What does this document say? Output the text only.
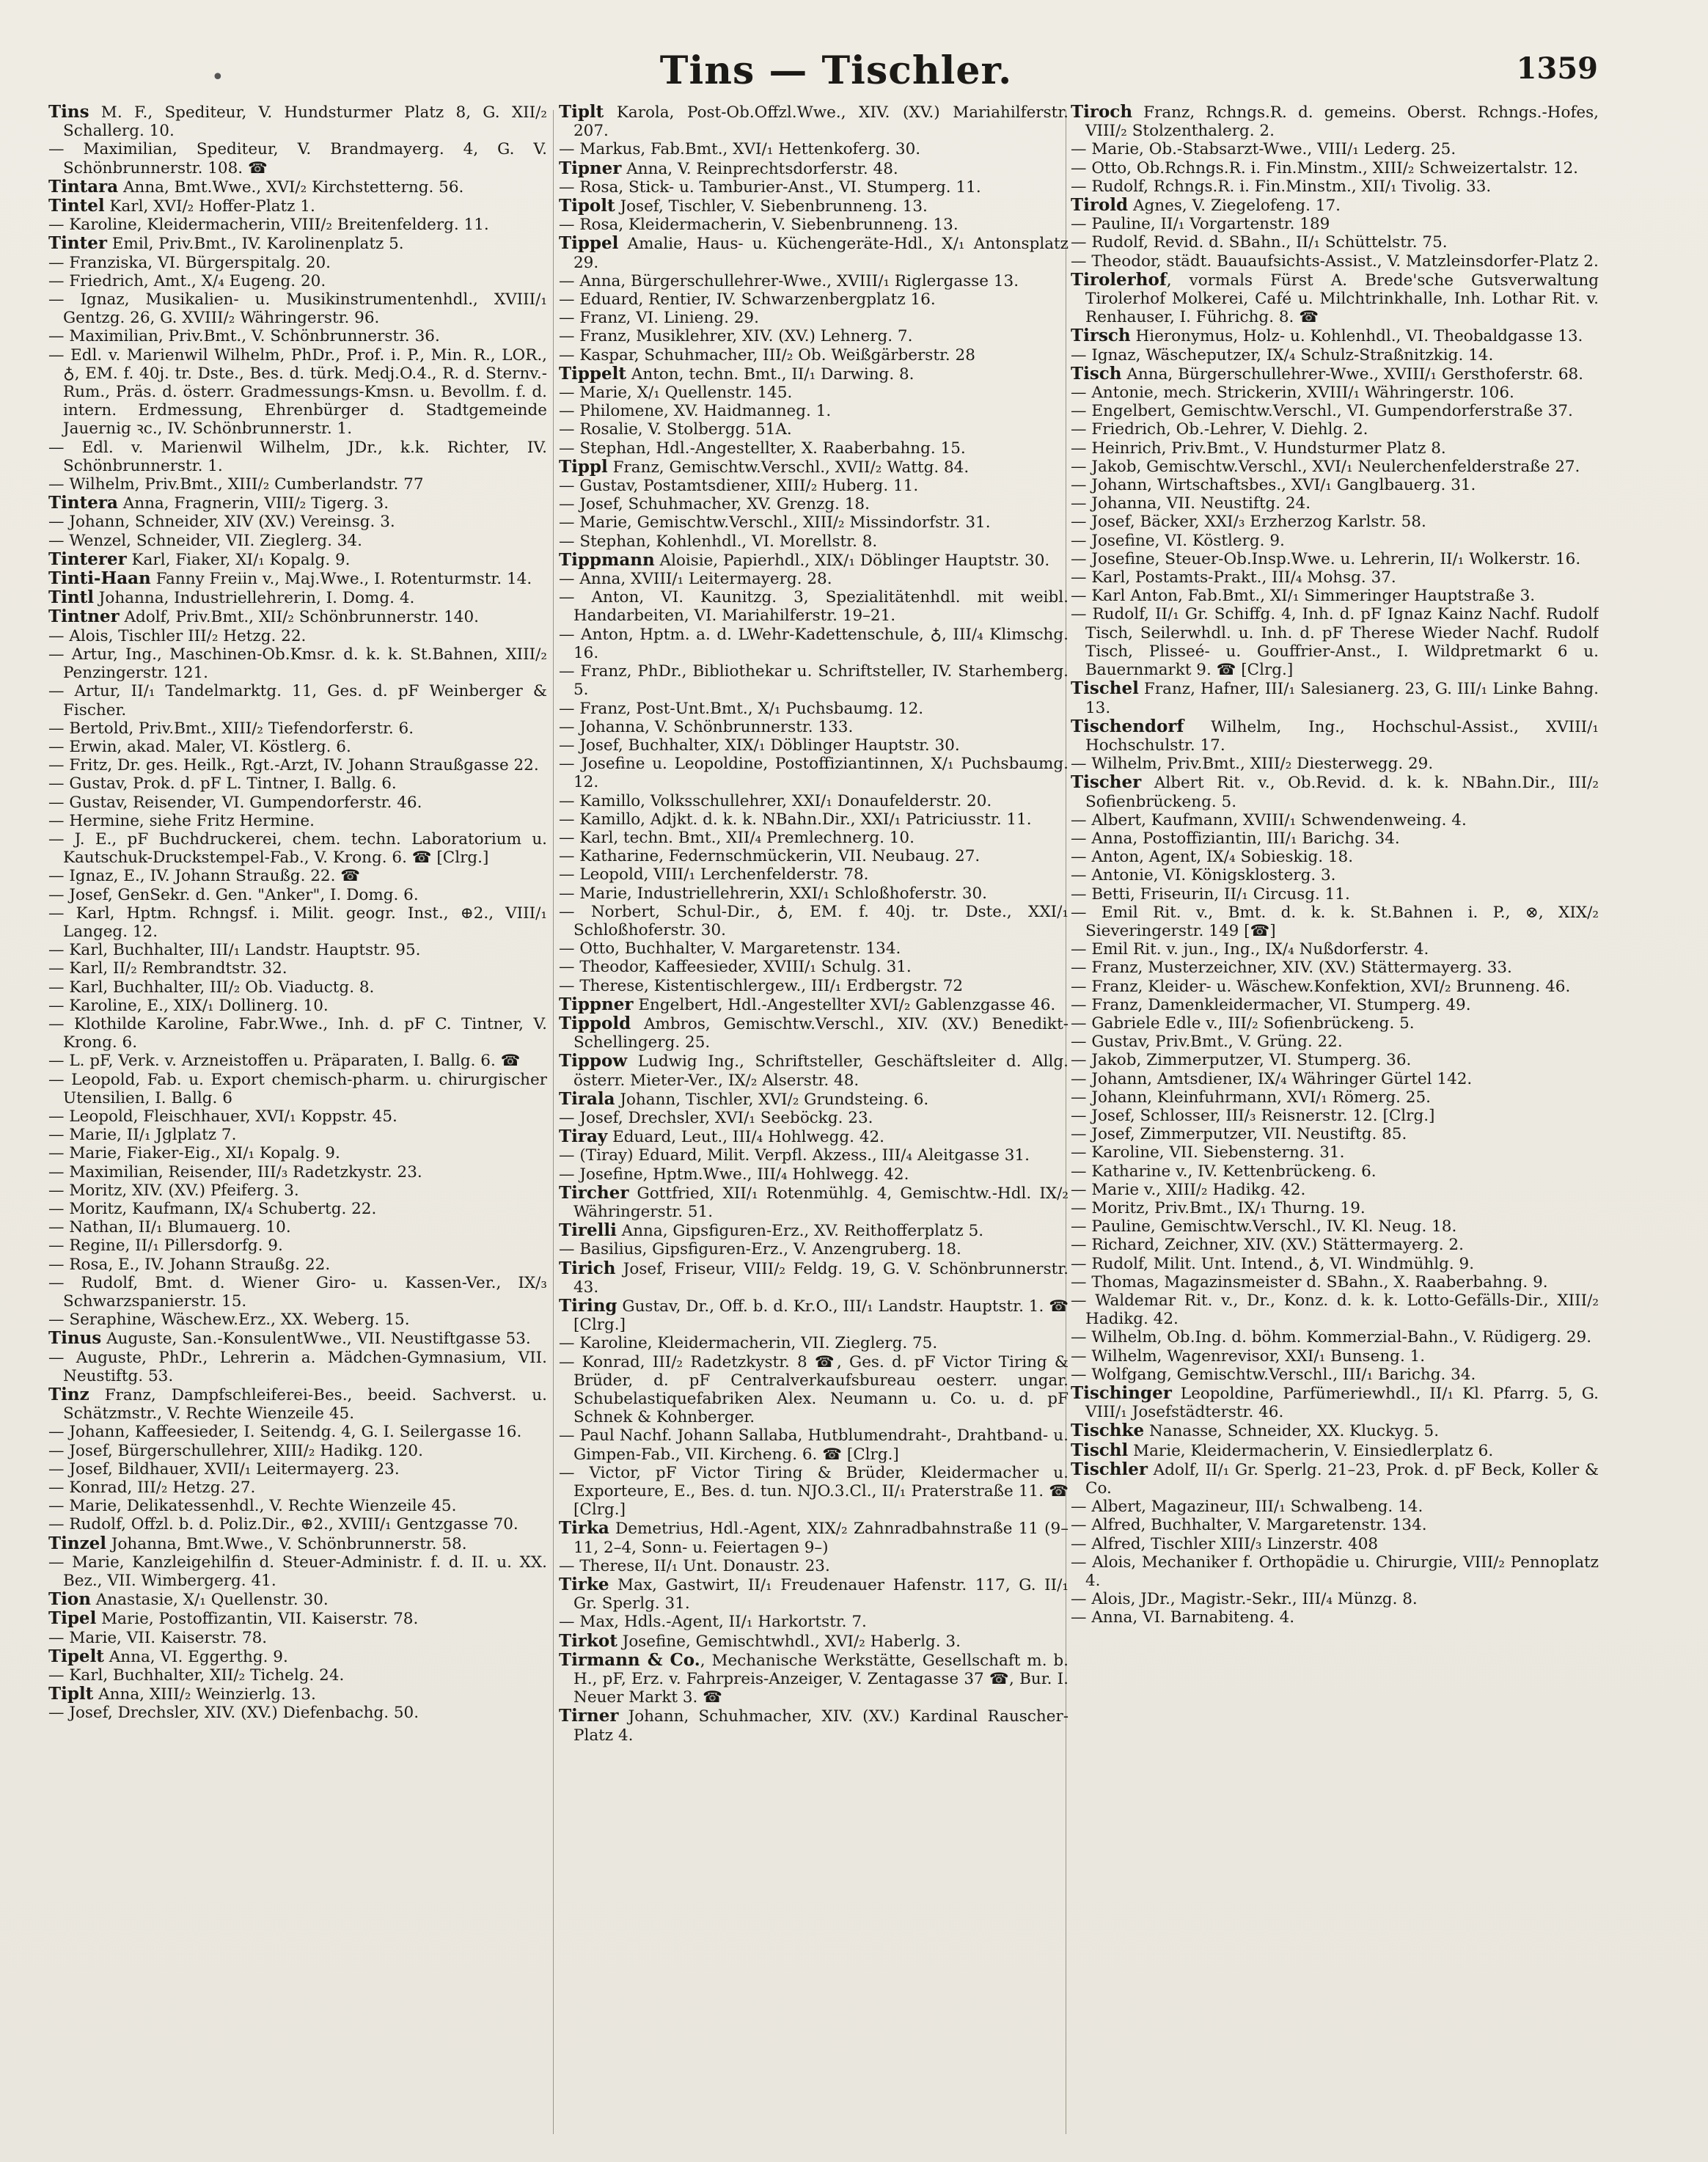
•	Tins — Tischler.	1359
Tins M. F., Spediteur, V. Hundsturmer Platz 8, G. XII/₂ Schallerg. 10.
— Maximilian, Spediteur, V. Brandmayerg. 4, G. V. Schönbrunnerstr. 108. ☎
Tintara Anna, Bmt.Wwe., XVI/₂ Kirchstetterng. 56.
Tintel Karl, XVI/₂ Hoffer-Platz 1.
— Karoline, Kleidermacherin, VIII/₂ Breitenfelderg. 11.
Tinter Emil, Priv.Bmt., IV. Karolinenplatz 5.
— Franziska, VI. Bürgerspitalg. 20.
— Friedrich, Amt., X/₄ Eugeng. 20.
— Ignaz, Musikalien- u. Musikinstrumentenhdl., XVIII/₁ Gentzg. 26, G. XVIII/₂ Währingerstr. 96.
— Maximilian, Priv.Bmt., V. Schönbrunnerstr. 36.
— Edl. v. Marienwil Wilhelm, PhDr., Prof. i. P., Min. R., LOR., ♁, EM. f. 40j. tr. Dste., Bes. d. türk. Medj.O.4., R. d. Sternv.-Rum., Präs. d. österr. Gradmessungs-Kmsn. u. Bevollm. f. d. intern. Erdmessung, Ehrenbürger d. Stadtgemeinde Jauernig ꝛc., IV. Schönbrunnerstr. 1.
— Edl. v. Marienwil Wilhelm, JDr., k.k. Richter, IV. Schönbrunnerstr. 1.
— Wilhelm, Priv.Bmt., XIII/₂ Cumberlandstr. 77
Tintera Anna, Fragnerin, VIII/₂ Tigerg. 3.
— Johann, Schneider, XIV (XV.) Vereinsg. 3.
— Wenzel, Schneider, VII. Zieglerg. 34.
Tinterer Karl, Fiaker, XI/₁ Kopalg. 9.
Tinti-Haan Fanny Freiin v., Maj.Wwe., I. Rotenturmstr. 14.
Tintl Johanna, Industriellehrerin, I. Domg. 4.
Tintner Adolf, Priv.Bmt., XII/₂ Schönbrunnerstr. 140.
— Alois, Tischler III/₂ Hetzg. 22.
— Artur, Ing., Maschinen-Ob.Kmsr. d. k. k. St.Bahnen, XIII/₂ Penzingerstr. 121.
— Artur, II/₁ Tandelmarktg. 11, Ges. d. pF Weinberger & Fischer.
— Bertold, Priv.Bmt., XIII/₂ Tiefendorferstr. 6.
— Erwin, akad. Maler, VI. Köstlerg. 6.
— Fritz, Dr. ges. Heilk., Rgt.-Arzt, IV. Johann Straußgasse 22.
— Gustav, Prok. d. pF L. Tintner, I. Ballg. 6.
— Gustav, Reisender, VI. Gumpendorferstr. 46.
— Hermine, siehe Fritz Hermine.
— J. E., pF Buchdruckerei, chem. techn. Laboratorium u. Kautschuk-Druckstempel-Fab., V. Krong. 6. ☎ [Clrg.]
— Ignaz, E., IV. Johann Straußg. 22. ☎
— Josef, GenSekr. d. Gen. "Anker", I. Domg. 6.
— Karl, Hptm. Rchngsf. i. Milit. geogr. Inst., ⊕2., VIII/₁ Langeg. 12.
— Karl, Buchhalter, III/₁ Landstr. Hauptstr. 95.
— Karl, II/₂ Rembrandtstr. 32.
— Karl, Buchhalter, III/₂ Ob. Viaductg. 8.
— Karoline, E., XIX/₁ Dollinerg. 10.
— Klothilde Karoline, Fabr.Wwe., Inh. d. pF C. Tintner, V. Krong. 6.
— L. pF, Verk. v. Arzneistoffen u. Präparaten, I. Ballg. 6. ☎
— Leopold, Fab. u. Export chemisch-pharm. u. chirurgischer Utensilien, I. Ballg. 6
— Leopold, Fleischhauer, XVI/₁ Koppstr. 45.
— Marie, II/₁ Jglplatz 7.
— Marie, Fiaker-Eig., XI/₁ Kopalg. 9.
— Maximilian, Reisender, III/₃ Radetzkystr. 23.
— Moritz, XIV. (XV.) Pfeiferg. 3.
— Moritz, Kaufmann, IX/₄ Schubertg. 22.
— Nathan, II/₁ Blumauerg. 10.
— Regine, II/₁ Pillersdorfg. 9.
— Rosa, E., IV. Johann Straußg. 22.
— Rudolf, Bmt. d. Wiener Giro- u. Kassen-Ver., IX/₃ Schwarzspanierstr. 15.
— Seraphine, Wäschew.Erz., XX. Weberg. 15.
Tinus Auguste, San.-KonsulentWwe., VII. Neustiftgasse 53.
— Auguste, PhDr., Lehrerin a. Mädchen-Gymnasium, VII. Neustiftg. 53.
Tinz Franz, Dampfschleiferei-Bes., beeid. Sachverst. u. Schätzmstr., V. Rechte Wienzeile 45.
— Johann, Kaffeesieder, I. Seitendg. 4, G. I. Seilergasse 16.
— Josef, Bürgerschullehrer, XIII/₂ Hadikg. 120.
— Josef, Bildhauer, XVII/₁ Leitermayerg. 23.
— Konrad, III/₂ Hetzg. 27.
— Marie, Delikatessenhdl., V. Rechte Wienzeile 45.
— Rudolf, Offzl. b. d. Poliz.Dir., ⊕2., XVIII/₁ Gentzgasse 70.
Tinzel Johanna, Bmt.Wwe., V. Schönbrunnerstr. 58.
— Marie, Kanzleigehilfin d. Steuer-Administr. f. d. II. u. XX. Bez., VII. Wimbergerg. 41.
Tion Anastasie, X/₁ Quellenstr. 30.
Tipel Marie, Postoffizantin, VII. Kaiserstr. 78.
— Marie, VII. Kaiserstr. 78.
Tipelt Anna, VI. Eggerthg. 9.
— Karl, Buchhalter, XII/₂ Tichelg. 24.
Tiplt Anna, XIII/₂ Weinzierlg. 13.
— Josef, Drechsler, XIV. (XV.) Diefenbachg. 50.
Tiplt Karola, Post-Ob.Offzl.Wwe., XIV. (XV.) Mariahilferstr. 207.
— Markus, Fab.Bmt., XVI/₁ Hettenkoferg. 30.
Tipner Anna, V. Reinprechtsdorferstr. 48.
— Rosa, Stick- u. Tamburier-Anst., VI. Stumperg. 11.
Tipolt Josef, Tischler, V. Siebenbrunneng. 13.
— Rosa, Kleidermacherin, V. Siebenbrunneng. 13.
Tippel Amalie, Haus- u. Küchengeräte-Hdl., X/₁ Antonsplatz 29.
— Anna, Bürgerschullehrer-Wwe., XVIII/₁ Riglergasse 13.
— Eduard, Rentier, IV. Schwarzenbergplatz 16.
— Franz, VI. Linieng. 29.
— Franz, Musiklehrer, XIV. (XV.) Lehnerg. 7.
— Kaspar, Schuhmacher, III/₂ Ob. Weißgärberstr. 28
Tippelt Anton, techn. Bmt., II/₁ Darwing. 8.
— Marie, X/₁ Quellenstr. 145.
— Philomene, XV. Haidmanneg. 1.
— Rosalie, V. Stolbergg. 51A.
— Stephan, Hdl.-Angestellter, X. Raaberbahng. 15.
Tippl Franz, Gemischtw.Verschl., XVII/₂ Wattg. 84.
— Gustav, Postamtsdiener, XIII/₂ Huberg. 11.
— Josef, Schuhmacher, XV. Grenzg. 18.
— Marie, Gemischtw.Verschl., XIII/₂ Missindorfstr. 31.
— Stephan, Kohlenhdl., VI. Morellstr. 8.
Tippmann Aloisie, Papierhdl., XIX/₁ Döblinger Hauptstr. 30.
— Anna, XVIII/₁ Leitermayerg. 28.
— Anton, VI. Kaunitzg. 3, Spezialitätenhdl. mit weibl. Handarbeiten, VI. Mariahilferstr. 19–21.
— Anton, Hptm. a. d. LWehr-Kadettenschule, ♁, III/₄ Klimschg. 16.
— Franz, PhDr., Bibliothekar u. Schriftsteller, IV. Starhemberg. 5.
— Franz, Post-Unt.Bmt., X/₁ Puchsbaumg. 12.
— Johanna, V. Schönbrunnerstr. 133.
— Josef, Buchhalter, XIX/₁ Döblinger Hauptstr. 30.
— Josefine u. Leopoldine, Postoffiziantinnen, X/₁ Puchsbaumg. 12.
— Kamillo, Volksschullehrer, XXI/₁ Donaufelderstr. 20.
— Kamillo, Adjkt. d. k. k. NBahn.Dir., XXI/₁ Patriciusstr. 11.
— Karl, techn. Bmt., XII/₄ Premlechnerg. 10.
— Katharine, Federnschmückerin, VII. Neubaug. 27.
— Leopold, VIII/₁ Lerchenfelderstr. 78.
— Marie, Industriellehrerin, XXI/₁ Schloßhoferstr. 30.
— Norbert, Schul-Dir., ♁, EM. f. 40j. tr. Dste., XXI/₁ Schloßhoferstr. 30.
— Otto, Buchhalter, V. Margaretenstr. 134.
— Theodor, Kaffeesieder, XVIII/₁ Schulg. 31.
— Therese, Kistentischlergew., III/₁ Erdbergstr. 72
Tippner Engelbert, Hdl.-Angestellter XVI/₂ Gablenzgasse 46.
Tippold Ambros, Gemischtw.Verschl., XIV. (XV.) Benedikt-Schellingerg. 25.
Tippow Ludwig Ing., Schriftsteller, Geschäftsleiter d. Allg. österr. Mieter-Ver., IX/₂ Alserstr. 48.
Tirala Johann, Tischler, XVI/₂ Grundsteing. 6.
— Josef, Drechsler, XVI/₁ Seeböckg. 23.
Tiray Eduard, Leut., III/₄ Hohlwegg. 42.
— (Tiray) Eduard, Milit. Verpfl. Akzess., III/₄ Aleitgasse 31.
— Josefine, Hptm.Wwe., III/₄ Hohlwegg. 42.
Tircher Gottfried, XII/₁ Rotenmühlg. 4, Gemischtw.-Hdl. IX/₂ Währingerstr. 51.
Tirelli Anna, Gipsfiguren-Erz., XV. Reithofferplatz 5.
— Basilius, Gipsfiguren-Erz., V. Anzengruberg. 18.
Tirich Josef, Friseur, VIII/₂ Feldg. 19, G. V. Schönbrunnerstr. 43.
Tiring Gustav, Dr., Off. b. d. Kr.O., III/₁ Landstr. Hauptstr. 1. ☎ [Clrg.]
— Karoline, Kleidermacherin, VII. Zieglerg. 75.
— Konrad, III/₂ Radetzkystr. 8 ☎, Ges. d. pF Victor Tiring & Brüder, d. pF Centralverkaufsbureau oesterr. ungar. Schubelastiquefabriken Alex. Neumann u. Co. u. d. pF Schnek & Kohnberger.
— Paul Nachf. Johann Sallaba, Hutblumendraht-, Drahtband- u. Gimpen-Fab., VII. Kircheng. 6. ☎ [Clrg.]
— Victor, pF Victor Tiring & Brüder, Kleidermacher u. Exporteure, E., Bes. d. tun. NJO.3.Cl., II/₁ Praterstraße 11. ☎ [Clrg.]
Tirka Demetrius, Hdl.-Agent, XIX/₂ Zahnradbahnstraße 11 (9–11, 2–4, Sonn- u. Feiertagen 9–)
— Therese, II/₁ Unt. Donaustr. 23.
Tirke Max, Gastwirt, II/₁ Freudenauer Hafenstr. 117, G. II/₁ Gr. Sperlg. 31.
— Max, Hdls.-Agent, II/₁ Harkortstr. 7.
Tirkot Josefine, Gemischtwhdl., XVI/₂ Haberlg. 3.
Tirmann & Co., Mechanische Werkstätte, Gesellschaft m. b. H., pF, Erz. v. Fahrpreis-Anzeiger, V. Zentagasse 37 ☎, Bur. I. Neuer Markt 3. ☎
Tirner Johann, Schuhmacher, XIV. (XV.) Kardinal Rauscher-Platz 4.
Tiroch Franz, Rchngs.R. d. gemeins. Oberst. Rchngs.-Hofes, VIII/₂ Stolzenthalerg. 2.
— Marie, Ob.-Stabsarzt-Wwe., VIII/₁ Lederg. 25.
— Otto, Ob.Rchngs.R. i. Fin.Minstm., XIII/₂ Schweizertalstr. 12.
— Rudolf, Rchngs.R. i. Fin.Minstm., XII/₁ Tivolig. 33.
Tirold Agnes, V. Ziegelofeng. 17.
— Pauline, II/₁ Vorgartenstr. 189
— Rudolf, Revid. d. SBahn., II/₁ Schüttelstr. 75.
— Theodor, städt. Bauaufsichts-Assist., V. Matzleinsdorfer-Platz 2.
Tirolerhof, vormals Fürst A. Brede'sche Gutsverwaltung Tirolerhof Molkerei, Café u. Milchtrinkhalle, Inh. Lothar Rit. v. Renhauser, I. Führichg. 8. ☎
Tirsch Hieronymus, Holz- u. Kohlenhdl., VI. Theobaldgasse 13.
— Ignaz, Wäscheputzer, IX/₄ Schulz-Straßnitzkig. 14.
Tisch Anna, Bürgerschullehrer-Wwe., XVIII/₁ Gersthoferstr. 68.
— Antonie, mech. Strickerin, XVIII/₁ Währingerstr. 106.
— Engelbert, Gemischtw.Verschl., VI. Gumpendorferstraße 37.
— Friedrich, Ob.-Lehrer, V. Diehlg. 2.
— Heinrich, Priv.Bmt., V. Hundsturmer Platz 8.
— Jakob, Gemischtw.Verschl., XVI/₁ Neulerchenfelderstraße 27.
— Johann, Wirtschaftsbes., XVI/₁ Ganglbauerg. 31.
— Johanna, VII. Neustiftg. 24.
— Josef, Bäcker, XXI/₃ Erzherzog Karlstr. 58.
— Josefine, VI. Köstlerg. 9.
— Josefine, Steuer-Ob.Insp.Wwe. u. Lehrerin, II/₁ Wolkerstr. 16.
— Karl, Postamts-Prakt., III/₄ Mohsg. 37.
— Karl Anton, Fab.Bmt., XI/₁ Simmeringer Hauptstraße 3.
— Rudolf, II/₁ Gr. Schiffg. 4, Inh. d. pF Ignaz Kainz Nachf. Rudolf Tisch, Seilerwhdl. u. Inh. d. pF Therese Wieder Nachf. Rudolf Tisch, Plisseé- u. Gouffrier-Anst., I. Wildpretmarkt 6 u. Bauernmarkt 9. ☎ [Clrg.]
Tischel Franz, Hafner, III/₁ Salesianerg. 23, G. III/₁ Linke Bahng. 13.
Tischendorf Wilhelm, Ing., Hochschul-Assist., XVIII/₁ Hochschulstr. 17.
— Wilhelm, Priv.Bmt., XIII/₂ Diesterwegg. 29.
Tischer Albert Rit. v., Ob.Revid. d. k. k. NBahn.Dir., III/₂ Sofienbrückeng. 5.
— Albert, Kaufmann, XVIII/₁ Schwendenweing. 4.
— Anna, Postoffiziantin, III/₁ Barichg. 34.
— Anton, Agent, IX/₄ Sobieskig. 18.
— Antonie, VI. Königsklosterg. 3.
— Betti, Friseurin, II/₁ Circusg. 11.
— Emil Rit. v., Bmt. d. k. k. St.Bahnen i. P., ⊗, XIX/₂ Sieveringerstr. 149 [☎]
— Emil Rit. v. jun., Ing., IX/₄ Nußdorferstr. 4.
— Franz, Musterzeichner, XIV. (XV.) Stättermayerg. 33.
— Franz, Kleider- u. Wäschew.Konfektion, XVI/₂ Brunneng. 46.
— Franz, Damenkleidermacher, VI. Stumperg. 49.
— Gabriele Edle v., III/₂ Sofienbrückeng. 5.
— Gustav, Priv.Bmt., V. Grüng. 22.
— Jakob, Zimmerputzer, VI. Stumperg. 36.
— Johann, Amtsdiener, IX/₄ Währinger Gürtel 142.
— Johann, Kleinfuhrmann, XVI/₁ Römerg. 25.
— Josef, Schlosser, III/₃ Reisnerstr. 12. [Clrg.]
— Josef, Zimmerputzer, VII. Neustiftg. 85.
— Karoline, VII. Siebensterng. 31.
— Katharine v., IV. Kettenbrückeng. 6.
— Marie v., XIII/₂ Hadikg. 42.
— Moritz, Priv.Bmt., IX/₁ Thurng. 19.
— Pauline, Gemischtw.Verschl., IV. Kl. Neug. 18.
— Richard, Zeichner, XIV. (XV.) Stättermayerg. 2.
— Rudolf, Milit. Unt. Intend., ♁, VI. Windmühlg. 9.
— Thomas, Magazinsmeister d. SBahn., X. Raaberbahng. 9.
— Waldemar Rit. v., Dr., Konz. d. k. k. Lotto-Gefälls-Dir., XIII/₂ Hadikg. 42.
— Wilhelm, Ob.Ing. d. böhm. Kommerzial-Bahn., V. Rüdigerg. 29.
— Wilhelm, Wagenrevisor, XXI/₁ Bunseng. 1.
— Wolfgang, Gemischtw.Verschl., III/₁ Barichg. 34.
Tischinger Leopoldine, Parfümeriewhdl., II/₁ Kl. Pfarrg. 5, G. VIII/₁ Josefstädterstr. 46.
Tischke Nanasse, Schneider, XX. Kluckyg. 5.
Tischl Marie, Kleidermacherin, V. Einsiedlerplatz 6.
Tischler Adolf, II/₁ Gr. Sperlg. 21–23, Prok. d. pF Beck, Koller & Co.
— Albert, Magazineur, III/₁ Schwalbeng. 14.
— Alfred, Buchhalter, V. Margaretenstr. 134.
— Alfred, Tischler XIII/₃ Linzerstr. 408
— Alois, Mechaniker f. Orthopädie u. Chirurgie, VIII/₂ Pennoplatz 4.
— Alois, JDr., Magistr.-Sekr., III/₄ Münzg. 8.
— Anna, VI. Barnabiteng. 4.
